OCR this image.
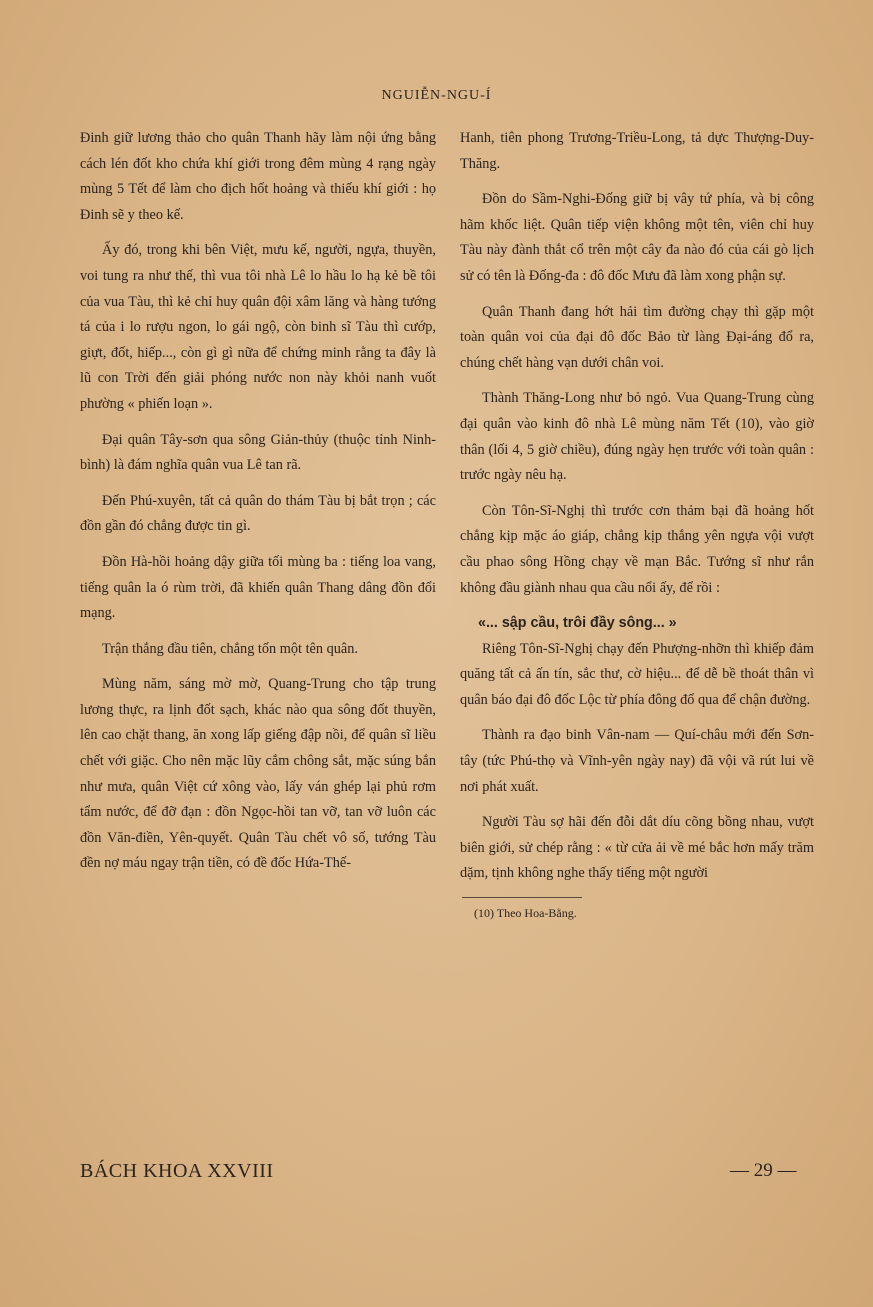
NGUIỄN-NGU-Í

Đinh giữ lương thảo cho quân Thanh hãy làm nội ứng bằng cách lén đốt kho chứa khí giới trong đêm mùng 4 rạng ngày mùng 5 Tết để làm cho địch hốt hoảng và thiếu khí giới : họ Đinh sẽ y theo kế.

Ấy đó, trong khi bên Việt, mưu kế, người, ngựa, thuyền, voi tung ra như thế, thì vua tôi nhà Lê lo hầu lo hạ kẻ bề tôi của vua Tàu, thì kẻ chỉ huy quân đội xâm lăng và hàng tướng tá của i lo rượu ngon, lo gái ngộ, còn binh sĩ Tàu thì cướp, giựt, đốt, hiếp..., còn gì gì nữa để chứng minh rằng ta đây là lũ con Trời đến giải phóng nước non này khỏi nanh vuốt phường « phiến loạn ».

Đại quân Tây-sơn qua sông Giản-thủy (thuộc tỉnh Ninh-bình) là đám nghĩa quân vua Lê tan rã.

Đến Phú-xuyên, tất cả quân do thám Tàu bị bắt trọn ; các đồn gần đó chẳng được tin gì.

Đồn Hà-hồi hoảng dậy giữa tối mùng ba : tiếng loa vang, tiếng quân la ó rùm trời, đã khiến quân Thang dâng đồn đổi mạng.

Trận thắng đầu tiên, chẳng tốn một tên quân.

Mùng năm, sáng mờ mờ, Quang-Trung cho tập trung lương thực, ra lịnh đốt sạch, khác nào qua sông đốt thuyền, lên cao chặt thang, ăn xong lấp giếng đập nồi, để quân sĩ liều chết với giặc. Cho nên mặc lũy cắm chông sắt, mặc súng bắn như mưa, quân Việt cứ xông vào, lấy ván ghép lại phủ rơm tẩm nước, để đỡ đạn : đồn Ngọc-hồi tan vỡ, tan vỡ luôn các đồn Văn-điền, Yên-quyết. Quân Tàu chết vô số, tướng Tàu đền nợ máu ngay trận tiền, có đề đốc Hứa-Thế-

Hanh, tiên phong Trương-Triều-Long, tả dực Thượng-Duy-Thăng.

Đồn do Sầm-Nghi-Đống giữ bị vây tứ phía, và bị công hãm khốc liệt. Quân tiếp viện không một tên, viên chỉ huy Tàu này đành thắt cổ trên một cây đa nào đó của cái gò lịch sử có tên là Đống-đa : đô đốc Mưu đã làm xong phận sự.

Quân Thanh đang hớt hải tìm đường chạy thì gặp một toàn quân voi của đại đô đốc Bảo từ làng Đại-áng đổ ra, chúng chết hàng vạn dưới chân voi.

Thành Thăng-Long như bỏ ngỏ. Vua Quang-Trung cùng đại quân vào kinh đô nhà Lê mùng năm Tết (10), vào giờ thân (lối 4, 5 giờ chiều), đúng ngày hẹn trước với toàn quân : trước ngày nêu hạ.

Còn Tôn-Sĩ-Nghị thì trước cơn thảm bại đã hoảng hốt chẳng kịp mặc áo giáp, chẳng kịp thắng yên ngựa vội vượt cầu phao sông Hồng chạy về mạn Bắc. Tướng sĩ như rắn không đầu giành nhau qua cầu nổi ấy, để rồi :

«... sập cầu, trôi đầy sông... »

Riêng Tôn-Sĩ-Nghị chạy đến Phượng-nhỡn thì khiếp đảm quăng tất cả ấn tín, sắc thư, cờ hiệu... để dễ bề thoát thân vì quân báo đại đô đốc Lộc từ phía đông đổ qua để chận đường.

Thành ra đạo binh Vân-nam — Quí-châu mới đến Sơn-tây (tức Phú-thọ và Vĩnh-yên ngày nay) đã vội vã rút lui về nơi phát xuất.

Người Tàu sợ hãi đến đỗi dắt díu cõng bồng nhau, vượt biên giới, sử chép rằng : « từ cửa ải về mé bắc hơn mấy trăm dặm, tịnh không nghe thấy tiếng một người

(10) Theo Hoa-Bằng.
BÁCH KHOA XXVIII	— 29 —
